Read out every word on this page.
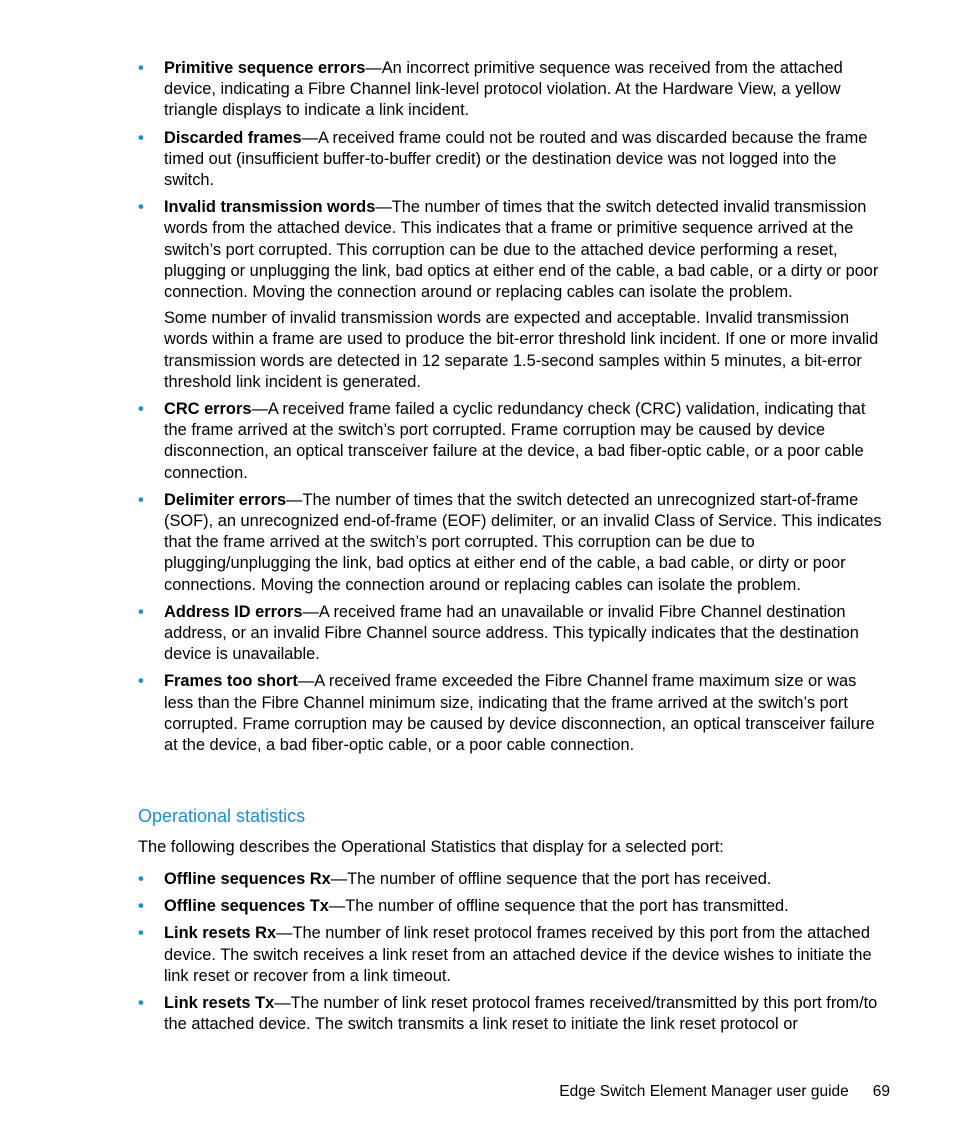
•	Primitive sequence errors—An incorrect primitive sequence was received from the attached device, indicating a Fibre Channel link-level protocol violation. At the Hardware View, a yellow triangle displays to indicate a link incident.

•	Discarded frames—A received frame could not be routed and was discarded because the frame timed out (insufficient buffer-to-buffer credit) or the destination device was not logged into the switch.

•	Invalid transmission words—The number of times that the switch detected invalid transmission words from the attached device. This indicates that a frame or primitive sequence arrived at the switch’s port corrupted. This corruption can be due to the attached device performing a reset, plugging or unplugging the link, bad optics at either end of the cable, a bad cable, or a dirty or poor connection. Moving the connection around or replacing cables can isolate the problem.

Some number of invalid transmission words are expected and acceptable. Invalid transmission words within a frame are used to produce the bit-error threshold link incident. If one or more invalid transmission words are detected in 12 separate 1.5-second samples within 5 minutes, a bit-error threshold link incident is generated.

•	CRC errors—A received frame failed a cyclic redundancy check (CRC) validation, indicating that the frame arrived at the switch’s port corrupted. Frame corruption may be caused by device disconnection, an optical transceiver failure at the device, a bad fiber-optic cable, or a poor cable connection.

•	Delimiter errors—The number of times that the switch detected an unrecognized start-of-frame (SOF), an unrecognized end-of-frame (EOF) delimiter, or an invalid Class of Service. This indicates that the frame arrived at the switch’s port corrupted. This corruption can be due to plugging/unplugging the link, bad optics at either end of the cable, a bad cable, or dirty or poor connections. Moving the connection around or replacing cables can isolate the problem.

•	Address ID errors—A received frame had an unavailable or invalid Fibre Channel destination address, or an invalid Fibre Channel source address. This typically indicates that the destination device is unavailable.

•	Frames too short—A received frame exceeded the Fibre Channel frame maximum size or was less than the Fibre Channel minimum size, indicating that the frame arrived at the switch’s port corrupted. Frame corruption may be caused by device disconnection, an optical transceiver failure at the device, a bad fiber-optic cable, or a poor cable connection.

Operational statistics

The following describes the Operational Statistics that display for a selected port:

•	Offline sequences Rx—The number of offline sequence that the port has received.

•	Offline sequences Tx—The number of offline sequence that the port has transmitted.

•	Link resets Rx—The number of link reset protocol frames received by this port from the attached device. The switch receives a link reset from an attached device if the device wishes to initiate the link reset or recover from a link timeout.

•	Link resets Tx—The number of link reset protocol frames received/transmitted by this port from/to the attached device. The switch transmits a link reset to initiate the link reset protocol or

Edge Switch Element Manager user guide 69
